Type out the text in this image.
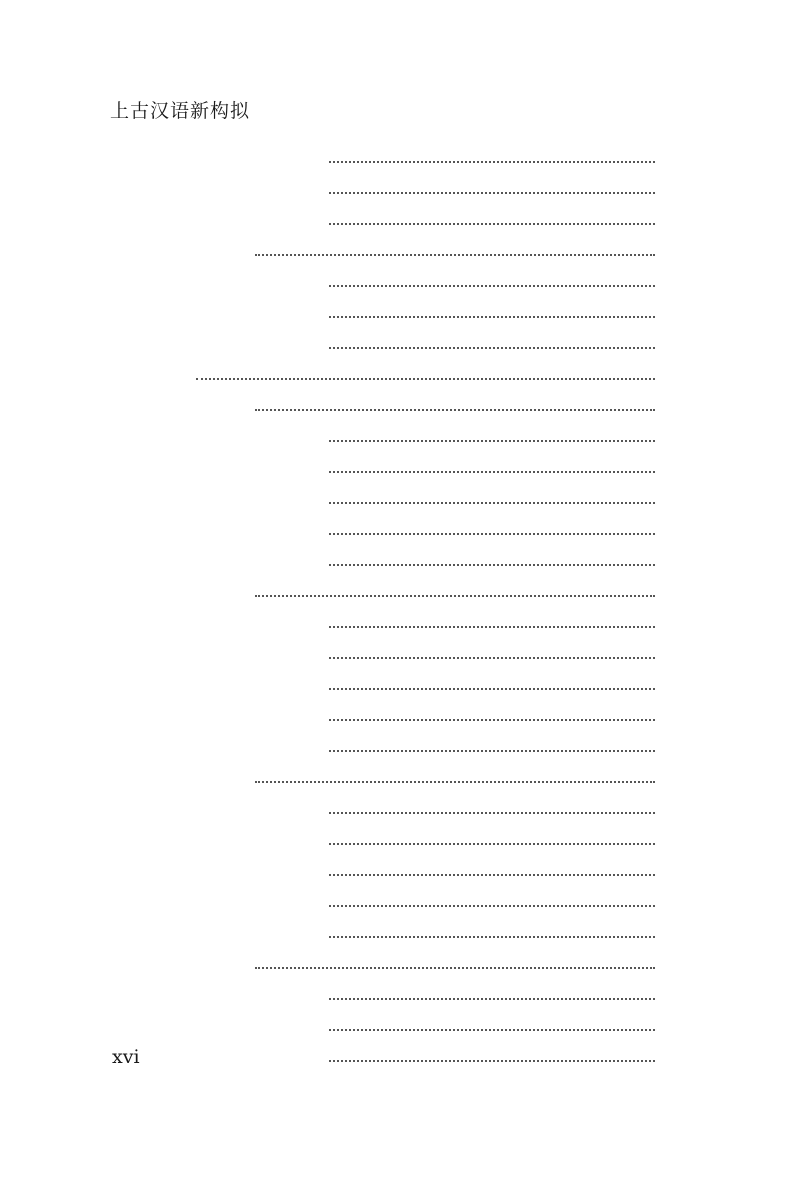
上古汉语新构拟
xvi
